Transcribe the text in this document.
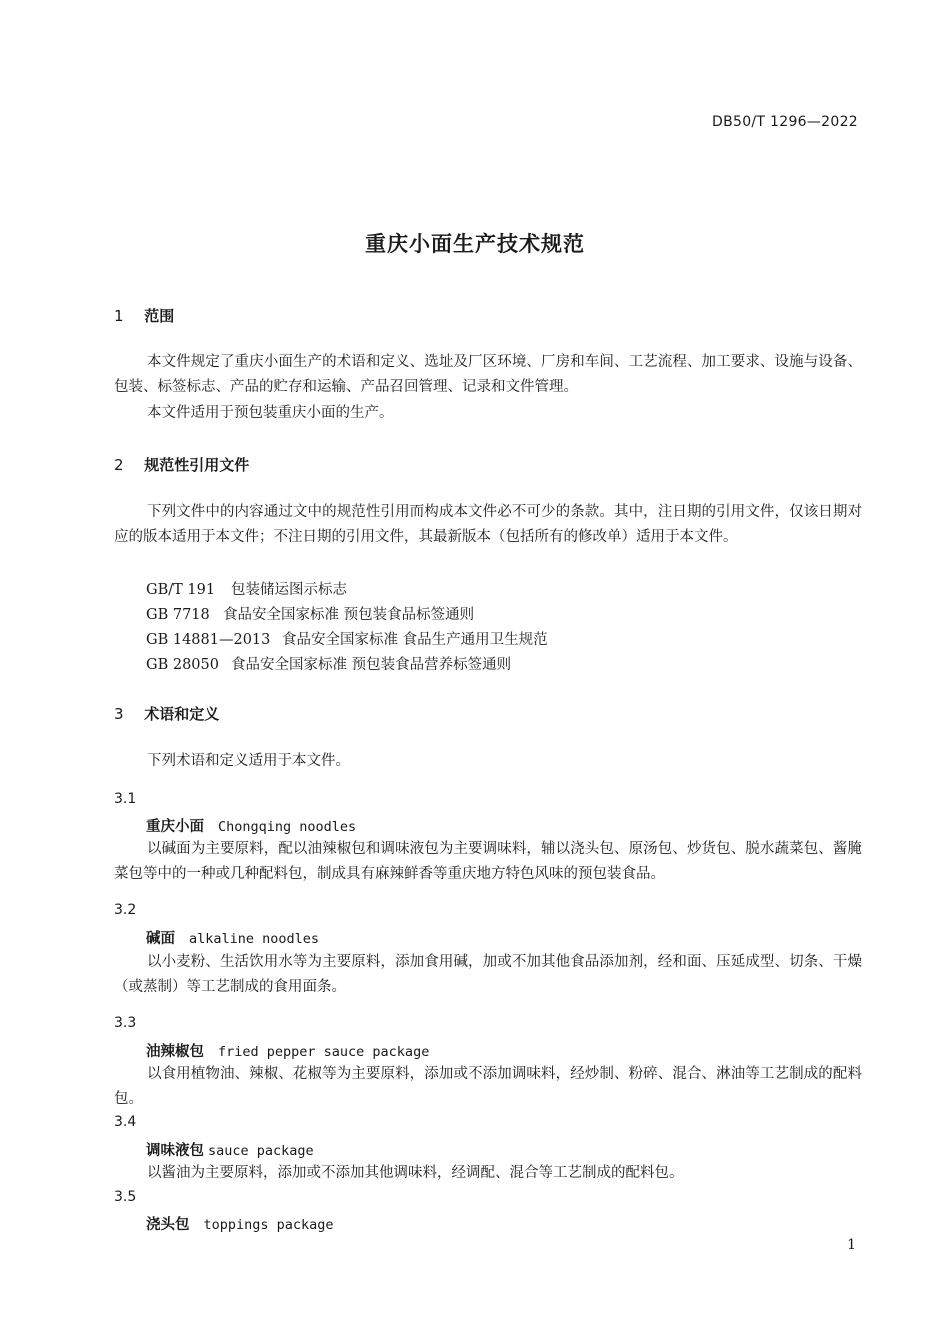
DB50/T 1296—2022
重庆小面生产技术规范
1 范围
本文件规定了重庆小面生产的术语和定义、选址及厂区环境、厂房和车间、工艺流程、加工要求、设施与设备、包装、标签标志、产品的贮存和运输、产品召回管理、记录和文件管理。
本文件适用于预包装重庆小面的生产。
2 规范性引用文件
下列文件中的内容通过文中的规范性引用而构成本文件必不可少的条款。其中，注日期的引用文件，仅该日期对应的版本适用于本文件；不注日期的引用文件，其最新版本（包括所有的修改单）适用于本文件。
GB/T 191 包装储运图示标志
GB 7718 食品安全国家标准 预包装食品标签通则
GB 14881—2013 食品安全国家标准 食品生产通用卫生规范
GB 28050 食品安全国家标准 预包装食品营养标签通则
3 术语和定义
下列术语和定义适用于本文件。
3.1
重庆小面 Chongqing noodles
以碱面为主要原料，配以油辣椒包和调味液包为主要调味料，辅以浇头包、原汤包、炒货包、脱水蔬菜包、酱腌菜包等中的一种或几种配料包，制成具有麻辣鲜香等重庆地方特色风味的预包装食品。
3.2
碱面 alkaline noodles
以小麦粉、生活饮用水等为主要原料，添加食用碱，加或不加其他食品添加剂，经和面、压延成型、切条、干燥（或蒸制）等工艺制成的食用面条。
3.3
油辣椒包 fried pepper sauce package
以食用植物油、辣椒、花椒等为主要原料，添加或不添加调味料，经炒制、粉碎、混合、淋油等工艺制成的配料包。
3.4
调味液包 sauce package
以酱油为主要原料，添加或不添加其他调味料，经调配、混合等工艺制成的配料包。
3.5
浇头包 toppings package
1
